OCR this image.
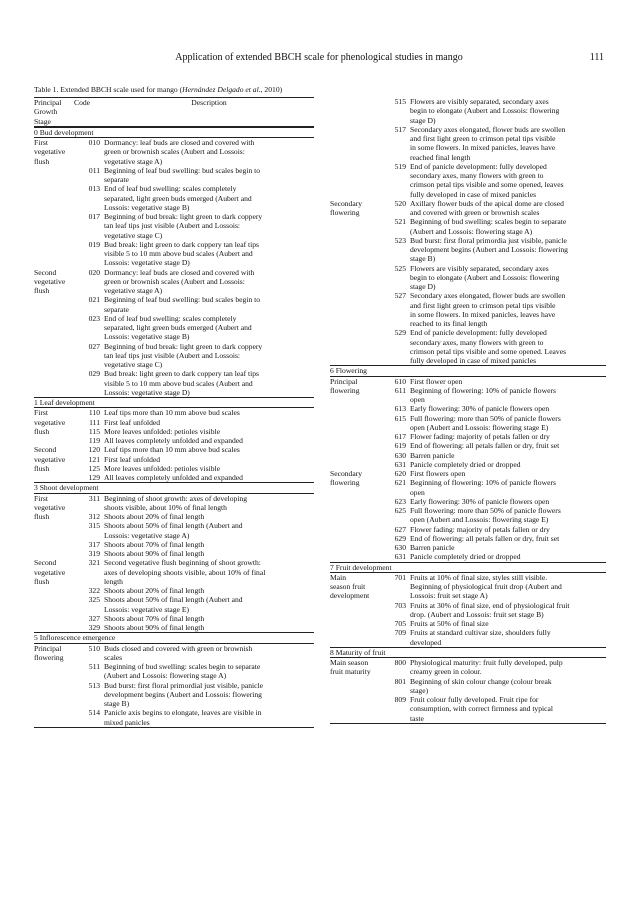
Application of extended BBCH scale for phenological studies in mango	111
Table 1. Extended BBCH scale used for mango (Hernández Delgado et al., 2010)
Principal Growth Stage
Code	Description
0 Bud development
First	010 Dormancy: leaf buds are closed and covered with
vegetative	green or brownish scales (Aubert and Lossois:
flush	vegetative stage A)
011 Beginning of leaf bud swelling: bud scales begin to
separate
013 End of leaf bud swelling: scales completely
separated, light green buds emerged (Aubert and
Lossois: vegetative stage B)
017 Beginning of bud break: light green to dark coppery
tan leaf tips just visible (Aubert and Lossois:
vegetative stage C)
019 Bud break: light green to dark coppery tan leaf tips
visible 5 to 10 mm above bud scales (Aubert and
Lossois: vegetative stage D)
Second	020 Dormancy: leaf buds are closed and covered with
vegetative	green or brownish scales (Aubert and Lossois:
flush	vegetative stage A)
021 Beginning of leaf bud swelling: bud scales begin to
separate
023 End of leaf bud swelling: scales completely
separated, light green buds emerged (Aubert and
Lossois: vegetative stage B)
027 Beginning of bud break: light green to dark coppery
tan leaf tips just visible (Aubert and Lossois:
vegetative stage C)
029 Bud break: light green to dark coppery tan leaf tips
visible 5 to 10 mm above bud scales (Aubert and
Lossois: vegetative stage D)
1 Leaf development
First	110 Leaf tips more than 10 mm above bud scales
vegetative	111 First leaf unfolded
flush	115 More leaves unfolded: petioles visible
119 All leaves completely unfolded and expanded
Second	120 Leaf tips more than 10 mm above bud scales
vegetative	121 First leaf unfolded
flush	125 More leaves unfolded: petioles visible
129 All leaves completely unfolded and expanded
3 Shoot development
First	311 Beginning of shoot growth: axes of developing
vegetative	shoots visible, about 10% of final length
flush	312 Shoots about 20% of final length
315 Shoots about 50% of final length (Aubert and
Lossois: vegetative stage A)
317 Shoots about 70% of final length
319 Shoots about 90% of final length
Second	321 Second vegetative flush beginning of shoot growth:
vegetative	axes of developing shoots visible, about 10% of final
flush	length
322 Shoots about 20% of final length
325 Shoots about 50% of final length (Aubert and
Lossois: vegetative stage E)
327 Shoots about 70% of final length
329 Shoots about 90% of final length
5 Inflorescence emergence
Principal	510 Buds closed and covered with green or brownish
flowering	scales
511 Beginning of bud swelling: scales begin to separate
(Aubert and Lossois: flowering stage A)
513 Bud burst: first floral primordial just visible, panicle
development begins (Aubert and Lossois: flowering
stage B)
514 Panicle axis begins to elongate, leaves are visible in
mixed panicles
515 Flowers are visibly separated, secondary axes
begin to elongate (Aubert and Lossois: flowering
stage D)
517 Secondary axes elongated, flower buds are swollen
and first light green to crimson petal tips visible
in some flowers. In mixed panicles, leaves have
reached final length
519 End of panicle development: fully developed
secondary axes, many flowers with green to
crimson petal tips visible and some opened, leaves
fully developed in case of mixed panicles
Secondary	520 Axillary flower buds of the apical dome are closed
flowering	and covered with green or brownish scales
521 Beginning of bud swelling: scales begin to separate
(Aubert and Lossois: flowering stage A)
523 Bud burst: first floral primordia just visible, panicle
development begins (Aubert and Lossois: flowering
stage B)
525 Flowers are visibly separated, secondary axes
begin to elongate (Aubert and Lossois: flowering
stage D)
527 Secondary axes elongated, flower buds are swollen
and first light green to crimson petal tips visible
in some flowers. In mixed panicles, leaves have
reached to its final length
529 End of panicle development: fully developed
secondary axes, many flowers with green to
crimson petal tips visible and some opened. Leaves
fully developed in case of mixed panicles
6 Flowering
Principal	610 First flower open
flowering	611 Beginning of flowering: 10% of panicle flowers
open
613 Early flowering: 30% of panicle flowers open
615 Full flowering: more than 50% of panicle flowers
open (Aubert and Lossois: flowering stage E)
617 Flower fading: majority of petals fallen or dry
619 End of flowering: all petals fallen or dry, fruit set
630 Barren panicle
631 Panicle completely dried or dropped
Secondary	620 First flowers open
flowering	621 Beginning of flowering: 10% of panicle flowers
open
623 Early flowering: 30% of panicle flowers open
625 Full flowering: more than 50% of panicle flowers
open (Aubert and Lossois: flowering stage E)
627 Flower fading: majority of petals fallen or dry
629 End of flowering: all petals fallen or dry, fruit set
630 Barren panicle
631 Panicle completely dried or dropped
7 Fruit development
Main	701 Fruits at 10% of final size, styles still visible.
season fruit	Beginning of physiological fruit drop (Aubert and
development	Lossois: fruit set stage A)
703 Fruits at 30% of final size, end of physiological fruit
drop. (Aubert and Lossois: fruit set stage B)
705 Fruits at 50% of final size
709 Fruits at standard cultivar size, shoulders fully
developed
8 Maturity of fruit
Main season	800 Physiological maturity: fruit fully developed, pulp
fruit maturity	creamy green in colour.
801 Beginning of skin colour change (colour break
stage)
809 Fruit colour fully developed. Fruit ripe for
consumption, with correct firmness and typical
taste
